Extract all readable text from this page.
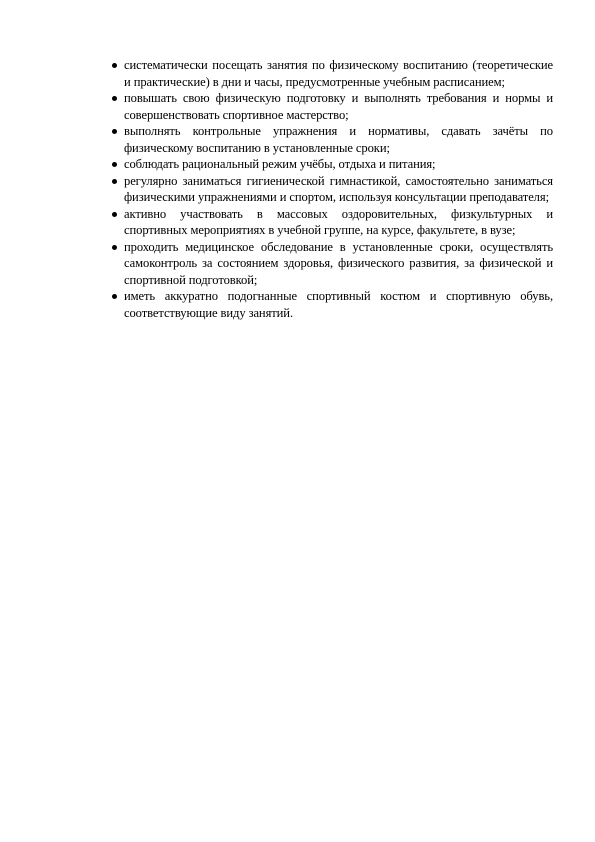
систематически посещать занятия по физическому воспитанию (теоретические и практические) в дни и часы, предусмотренные учебным расписанием;
повышать свою физическую подготовку и выполнять требования и нормы и совершенствовать спортивное мастерство;
выполнять контрольные упражнения и нормативы, сдавать зачёты по физическому воспитанию в установленные сроки;
соблюдать рациональный режим учёбы, отдыха и питания;
регулярно заниматься гигиенической гимнастикой, самостоятельно заниматься физическими упражнениями и спортом, используя консультации преподавателя;
активно участвовать в массовых оздоровительных, физкультурных и спортивных мероприятиях в учебной группе, на курсе, факультете, в вузе;
проходить медицинское обследование в установленные сроки, осуществлять самоконтроль за состоянием здоровья, физического развития, за физической и спортивной подготовкой;
иметь аккуратно подогнанные спортивный костюм и спортивную обувь, соответствующие виду занятий.
